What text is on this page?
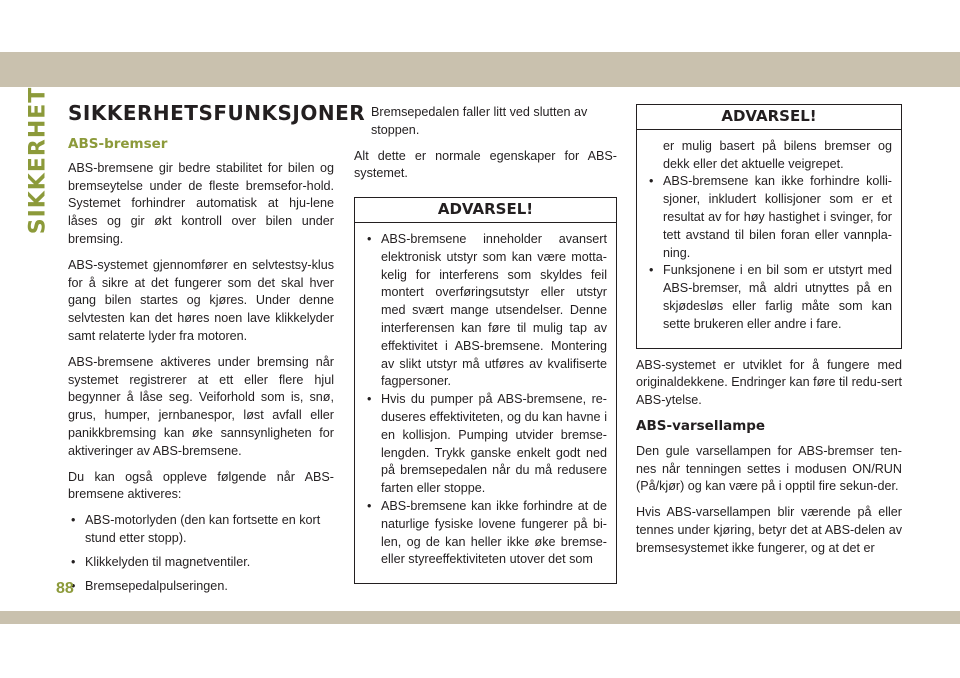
SIKKERHET SIKKERHETSFUNKSJONER
ABS-bremser

ABS-bremsene gir bedre stabilitet for bilen og bremseytelse under de fleste bremsefor-hold. Systemet forhindrer automatisk at hju-lene låses og gir økt kontroll over bilen under bremsing.

ABS-systemet gjennomfører en selvtestsy-klus for å sikre at det fungerer som det skal hver gang bilen startes og kjøres. Under denne selvtesten kan det høres noen lave klikkelyder samt relaterte lyder fra motoren.

ABS-bremsene aktiveres under bremsing når systemet registrerer at ett eller flere hjul begynner å låse seg. Veiforhold som is, snø, grus, humper, jernbanespor, løst avfall eller panikkbremsing kan øke sannsynligheten for aktiveringer av ABS-bremsene.

Du kan også oppleve følgende når ABS-bremsene aktiveres:

• ABS-motorlyden (den kan fortsette en kort stund etter stopp).
• Klikkelyden til magnetventiler.
• Bremsepedalpulseringen.
• Bremsepedalen faller litt ved slutten av stoppen.

Alt dette er normale egenskaper for ABS-systemet.

ADVARSEL!
• ABS-bremsene inneholder avansert elektronisk utstyr som kan være motta-kelig for interferens som skyldes feil montert overføringsutstyr eller utstyr med svært mange utsendelser. Denne interferensen kan føre til mulig tap av effektivitet i ABS-bremsene. Montering av slikt utstyr må utføres av kvalifiserte fagpersoner.
• Hvis du pumper på ABS-bremsene, re-duseres effektiviteten, og du kan havne i en kollisjon. Pumping utvider bremse-lengden. Trykk ganske enkelt godt ned på bremsepedalen når du må redusere farten eller stoppe.
• ABS-bremsene kan ikke forhindre at de naturlige fysiske lovene fungerer på bi-len, og de kan heller ikke øke bremse-eller styreeffektiviteten utover det som
ADVARSEL!

er mulig basert på bilens bremser og dekk eller det aktuelle veigrepet.

• ABS-bremsene kan ikke forhindre kolli-sjoner, inkludert kollisjoner som er et resultat av for høy hastighet i svinger, for tett avstand til bilen foran eller vannpla-ning.
• Funksjonene i en bil som er utstyrt med ABS-bremser, må aldri utnyttes på en skjødesløs eller farlig måte som kan sette brukeren eller andre i fare.

ABS-systemet er utviklet for å fungere med originaldekkene. Endringer kan føre til redu-sert ABS-ytelse.

ABS-varsellampe

Den gule varsellampen for ABS-bremser ten-nes når tenningen settes i modusen ON/RUN (På/kjør) og kan være på i opptil fire sekun-der.

Hvis ABS-varsellampen blir værende på eller tennes under kjøring, betyr det at ABS-delen av bremsesystemet ikke fungerer, og at det er

88
